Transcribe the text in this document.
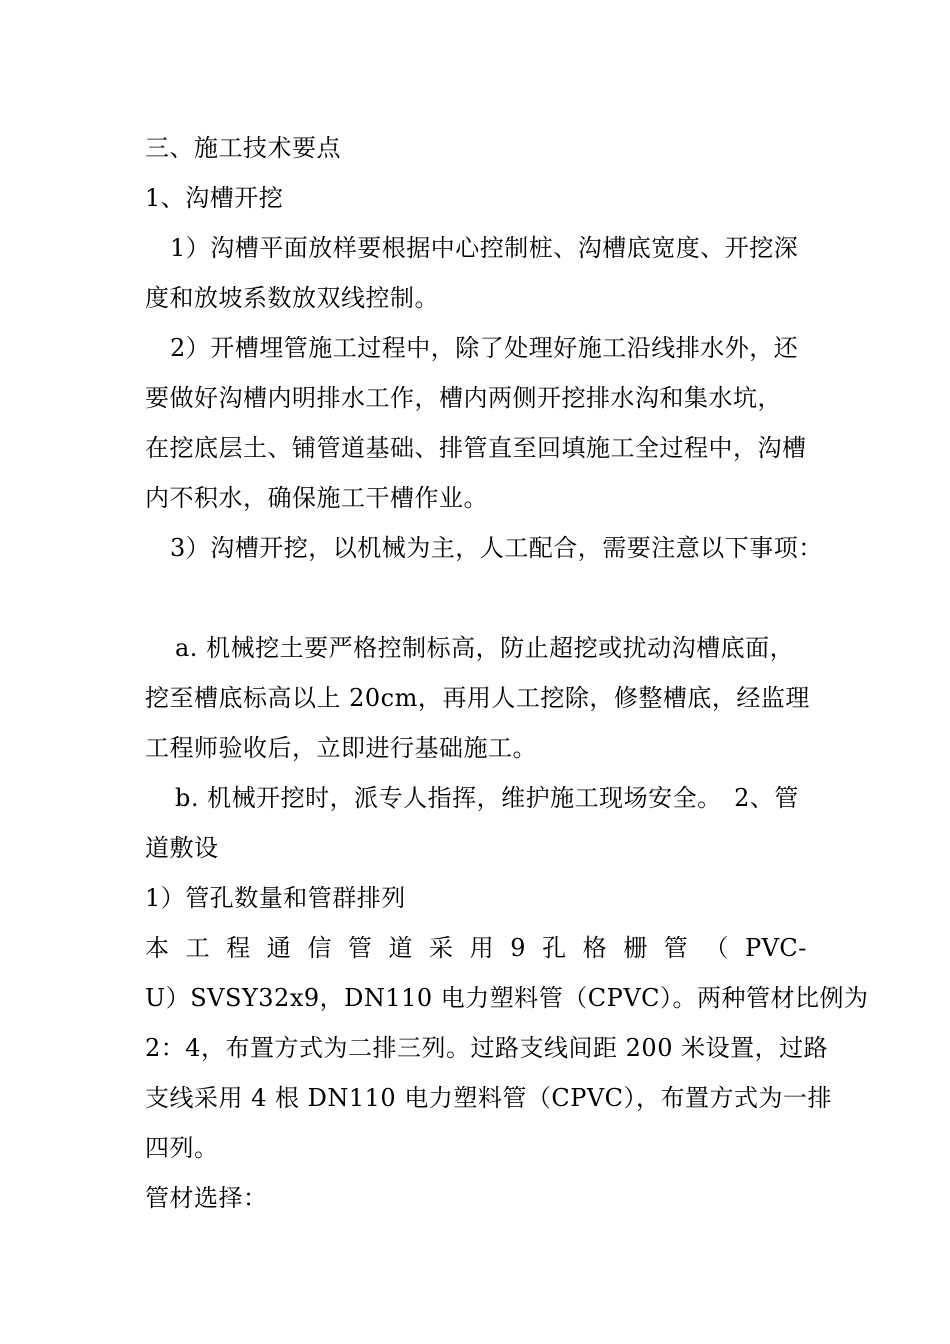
三、施工技术要点
1、沟槽开挖
1）沟槽平面放样要根据中心控制桩、沟槽底宽度、开挖深
度和放坡系数放双线控制。
2）开槽埋管施工过程中，除了处理好施工沿线排水外，还
要做好沟槽内明排水工作，槽内两侧开挖排水沟和集水坑，
在挖底层土、铺管道基础、排管直至回填施工全过程中，沟槽
内不积水，确保施工干槽作业。
3）沟槽开挖，以机械为主，人工配合，需要注意以下事项：
a. 机械挖土要严格控制标高，防止超挖或扰动沟槽底面，
挖至槽底标高以上 20cm，再用人工挖除，修整槽底，经监理
工程师验收后，立即进行基础施工。
b. 机械开挖时，派专人指挥，维护施工现场安全。　2、管
道敷设
1）管孔数量和管群排列
本 工 程 通 信 管 道 采 用 9 孔 格 栅 管 （ PVC-
U）SVSY32x9，DN110 电力塑料管（CPVC）。两种管材比例为
2：4，布置方式为二排三列。过路支线间距 200 米设置，过路
支线采用 4 根 DN110 电力塑料管（CPVC），布置方式为一排
四列。
管材选择：
